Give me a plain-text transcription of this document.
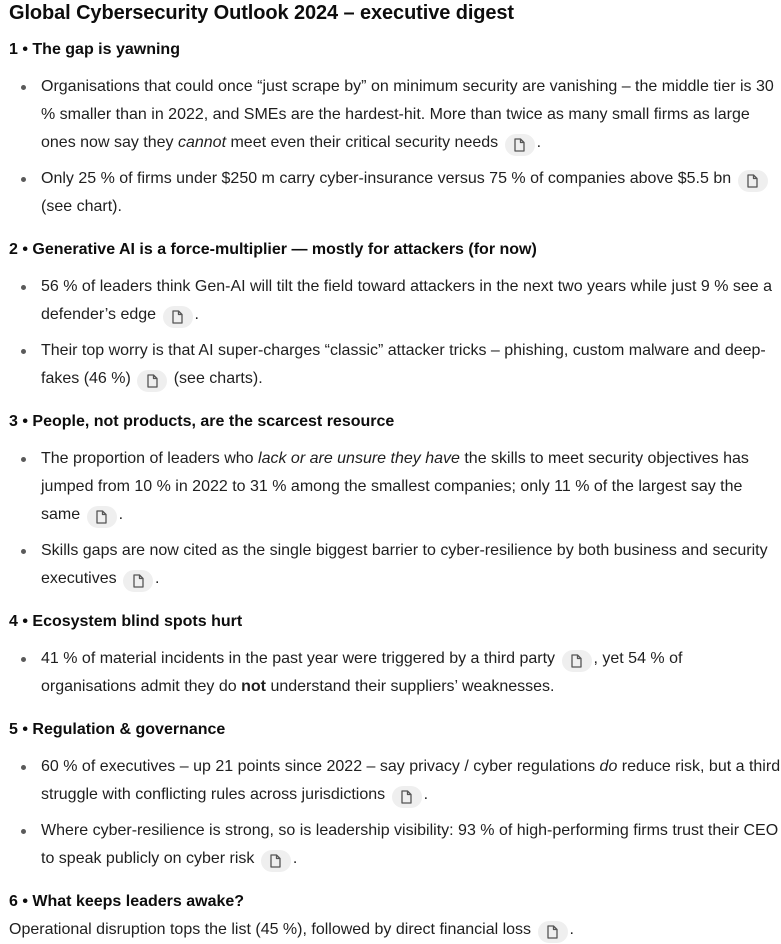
Global Cybersecurity Outlook 2024 – executive digest
1 • The gap is yawning
Organisations that could once “just scrape by” on minimum security are vanishing – the middle tier is 30 % smaller than in 2022, and SMEs are the hardest-hit. More than twice as many small firms as large ones now say they cannot meet even their critical security needs .
Only 25 % of firms under $250 m carry cyber-insurance versus 75 % of companies above $5.5 bn
(see chart).
2 • Generative AI is a force-multiplier — mostly for attackers (for now)
56 % of leaders think Gen-AI will tilt the field toward attackers in the next two years while just 9 % see a defender’s edge .
Their top worry is that AI super-charges “classic” attacker tricks – phishing, custom malware and deep-fakes (46 %)	(see charts).
3 • People, not products, are the scarcest resource
The proportion of leaders who lack or are unsure they have the skills to meet security objectives has jumped from 10 % in 2022 to 31 % among the smallest companies; only 11 % of the largest say the same .
Skills gaps are now cited as the single biggest barrier to cyber-resilience by both business and security executives .
4 • Ecosystem blind spots hurt
41 % of material incidents in the past year were triggered by a third party , yet 54 % of organisations admit they do not understand their suppliers’ weaknesses.
5 • Regulation & governance
60 % of executives – up 21 points since 2022 – say privacy / cyber regulations do reduce risk, but a third struggle with conflicting rules across jurisdictions .
Where cyber-resilience is strong, so is leadership visibility: 93 % of high-performing firms trust their CEO to speak publicly on cyber risk .
6 • What keeps leaders awake?
Operational disruption tops the list (45 %), followed by direct financial loss .
